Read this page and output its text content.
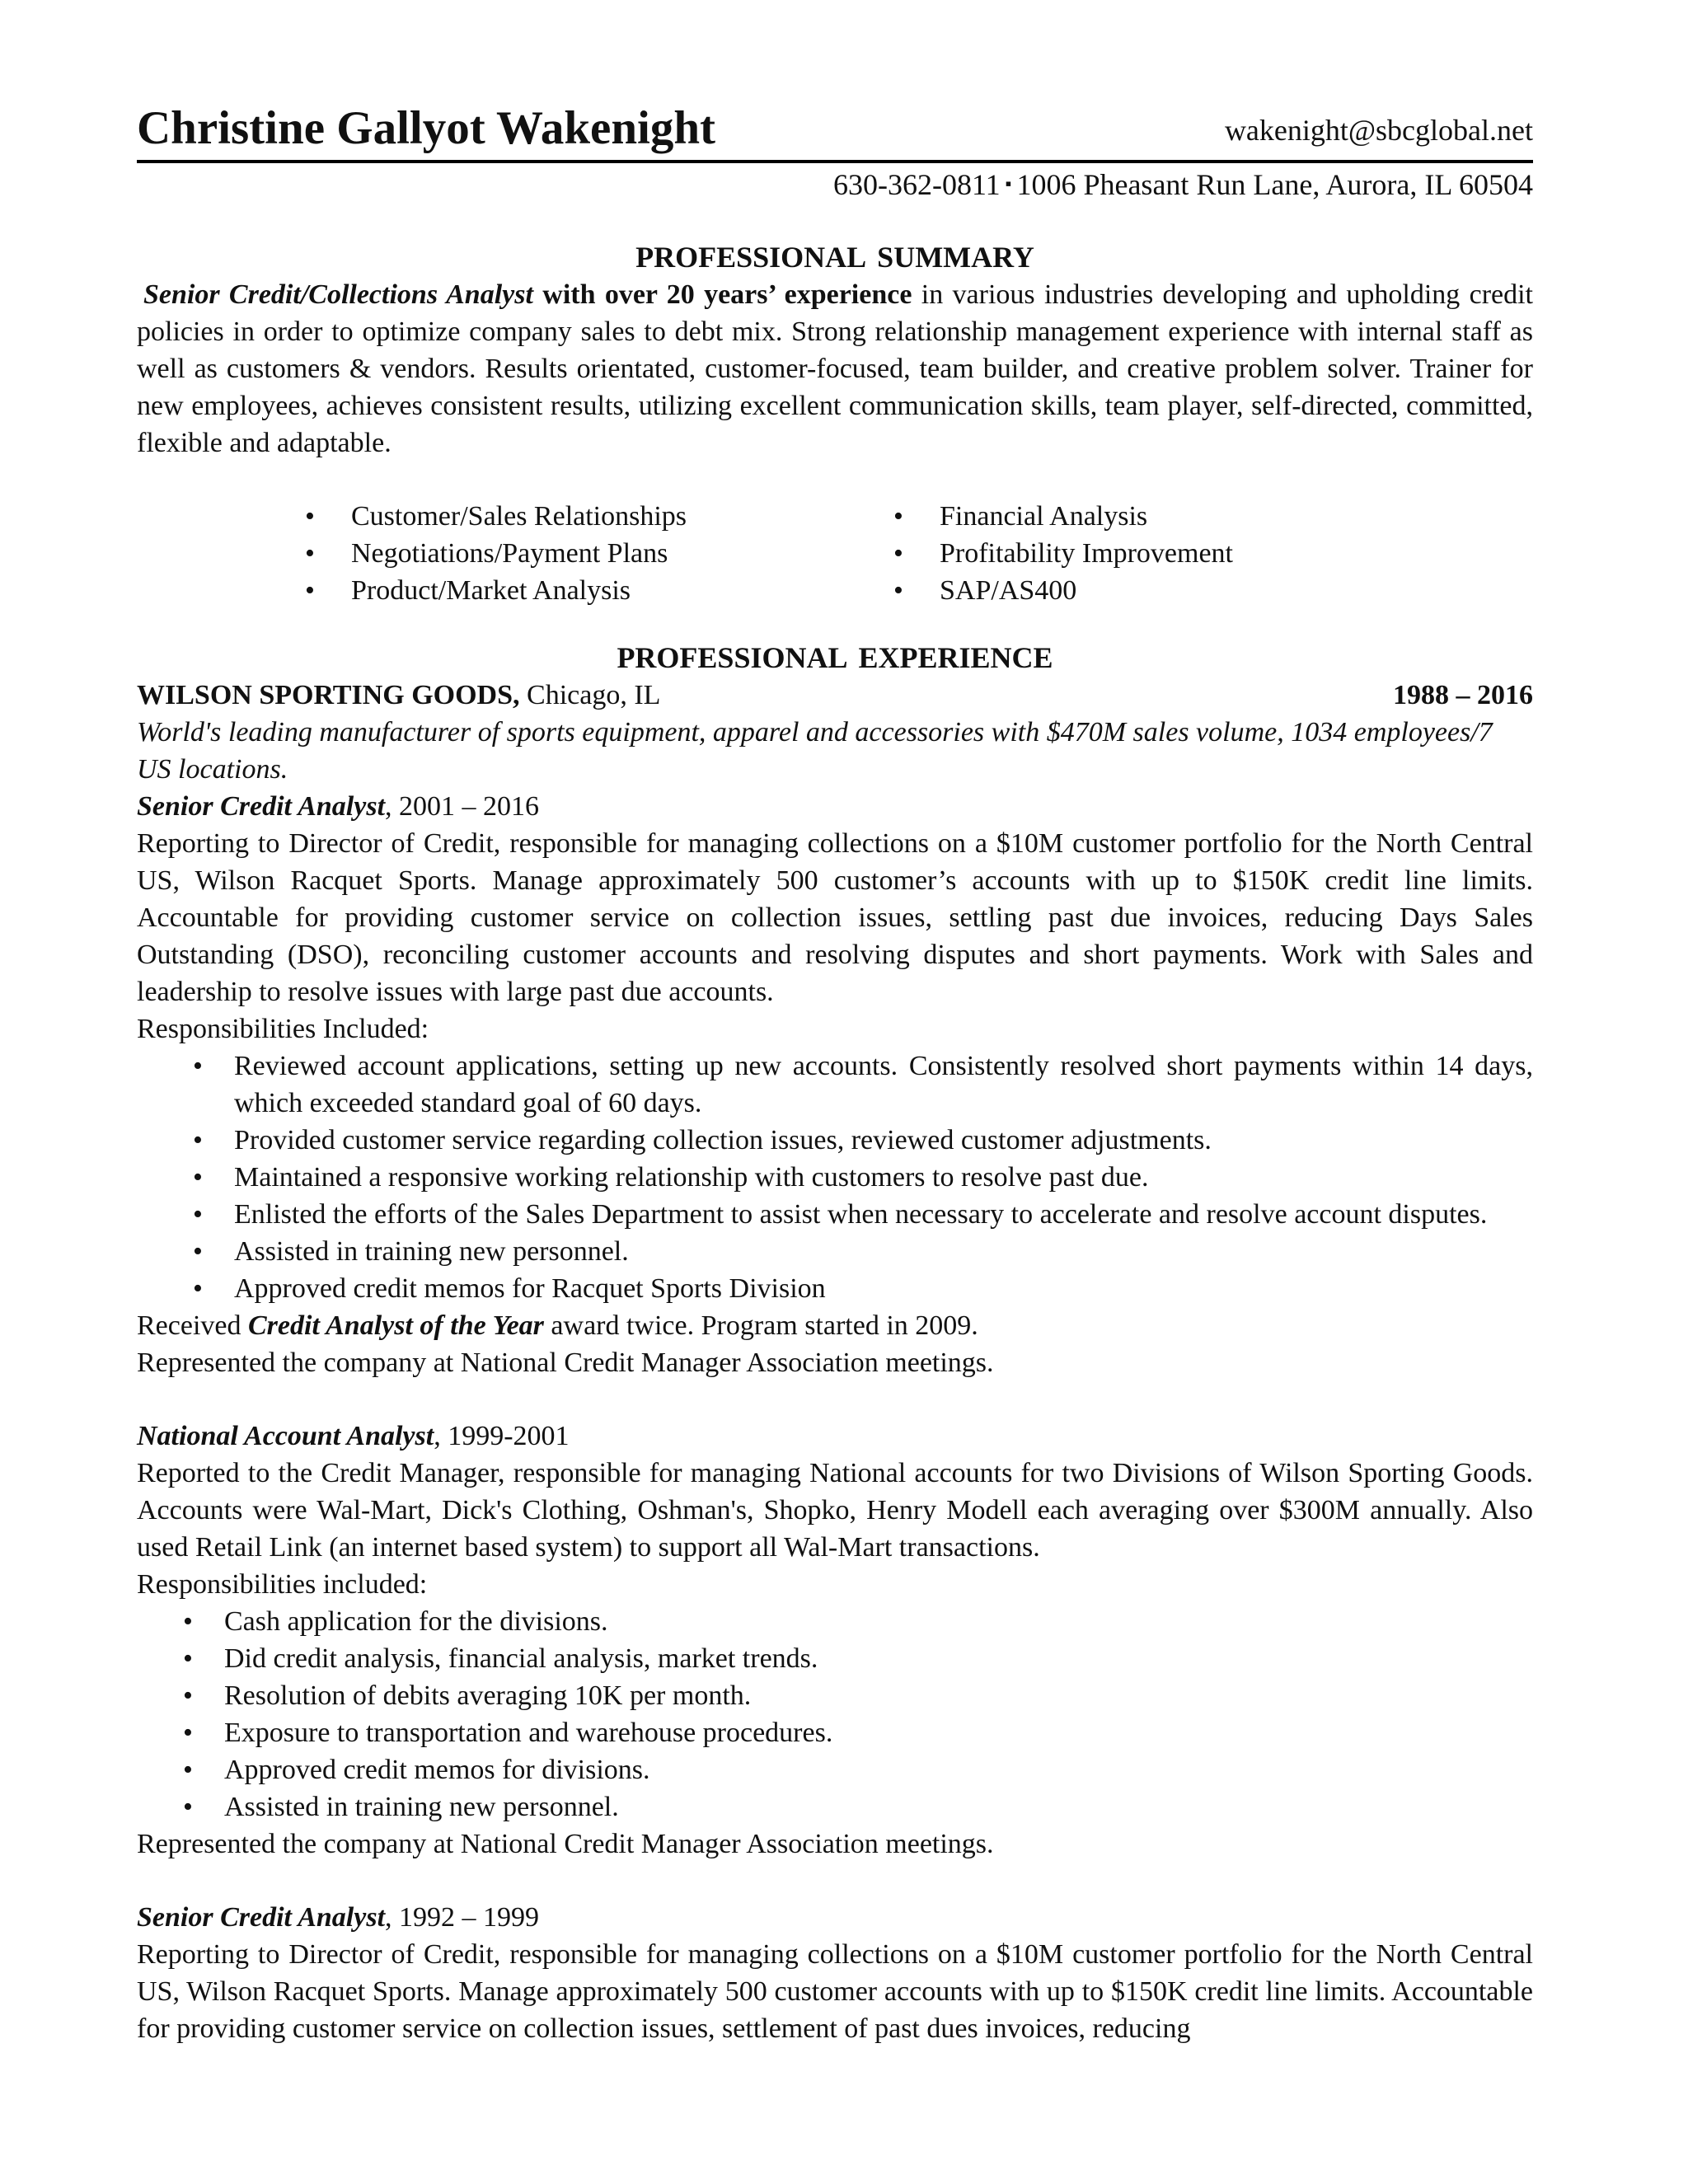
Christine Gallyot Wakenight	wakenight@sbcglobal.net
630-362-0811 ▪ 1006 Pheasant Run Lane, Aurora, IL 60504
PROFESSIONAL SUMMARY

Senior Credit/Collections Analyst with over 20 years’ experience in various industries developing and upholding credit policies in order to optimize company sales to debt mix. Strong relationship management experience with internal staff as well as customers & vendors. Results orientated, customer-focused, team builder, and creative problem solver. Trainer for new employees, achieves consistent results, utilizing excellent communication skills, team player, self-directed, committed, flexible and adaptable.

• Customer/Sales Relationships
• Negotiations/Payment Plans
• Product/Market Analysis
• Financial Analysis
• Profitability Improvement
• SAP/AS400
PROFESSIONAL EXPERIENCE
WILSON SPORTING GOODS, Chicago, IL	1988 – 2016

World's leading manufacturer of sports equipment, apparel and accessories with $470M sales volume, 1034 employees/7 US locations.

Senior Credit Analyst, 2001 – 2016

Reporting to Director of Credit, responsible for managing collections on a $10M customer portfolio for the North Central US, Wilson Racquet Sports. Manage approximately 500 customer’s accounts with up to $150K credit line limits. Accountable for providing customer service on collection issues, settling past due invoices, reducing Days Sales Outstanding (DSO), reconciling customer accounts and resolving disputes and short payments. Work with Sales and leadership to resolve issues with large past due accounts.

Responsibilities Included:

• Reviewed account applications, setting up new accounts. Consistently resolved short payments within 14 days, which exceeded standard goal of 60 days.
• Provided customer service regarding collection issues, reviewed customer adjustments.
• Maintained a responsive working relationship with customers to resolve past due.
• Enlisted the efforts of the Sales Department to assist when necessary to accelerate and resolve account disputes.
• Assisted in training new personnel.
• Approved credit memos for Racquet Sports Division

Received Credit Analyst of the Year award twice. Program started in 2009.

Represented the company at National Credit Manager Association meetings.

National Account Analyst, 1999-2001

Reported to the Credit Manager, responsible for managing National accounts for two Divisions of Wilson Sporting Goods. Accounts were Wal-Mart, Dick's Clothing, Oshman's, Shopko, Henry Modell each averaging over $300M annually. Also used Retail Link (an internet based system) to support all Wal-Mart transactions.

Responsibilities included:

• Cash application for the divisions.
• Did credit analysis, financial analysis, market trends.
• Resolution of debits averaging 10K per month.
• Exposure to transportation and warehouse procedures.
• Approved credit memos for divisions.
• Assisted in training new personnel.

Represented the company at National Credit Manager Association meetings.

Senior Credit Analyst, 1992 – 1999

Reporting to Director of Credit, responsible for managing collections on a $10M customer portfolio for the North Central US, Wilson Racquet Sports. Manage approximately 500 customer accounts with up to $150K credit line limits. Accountable for providing customer service on collection issues, settlement of past dues invoices, reducing
